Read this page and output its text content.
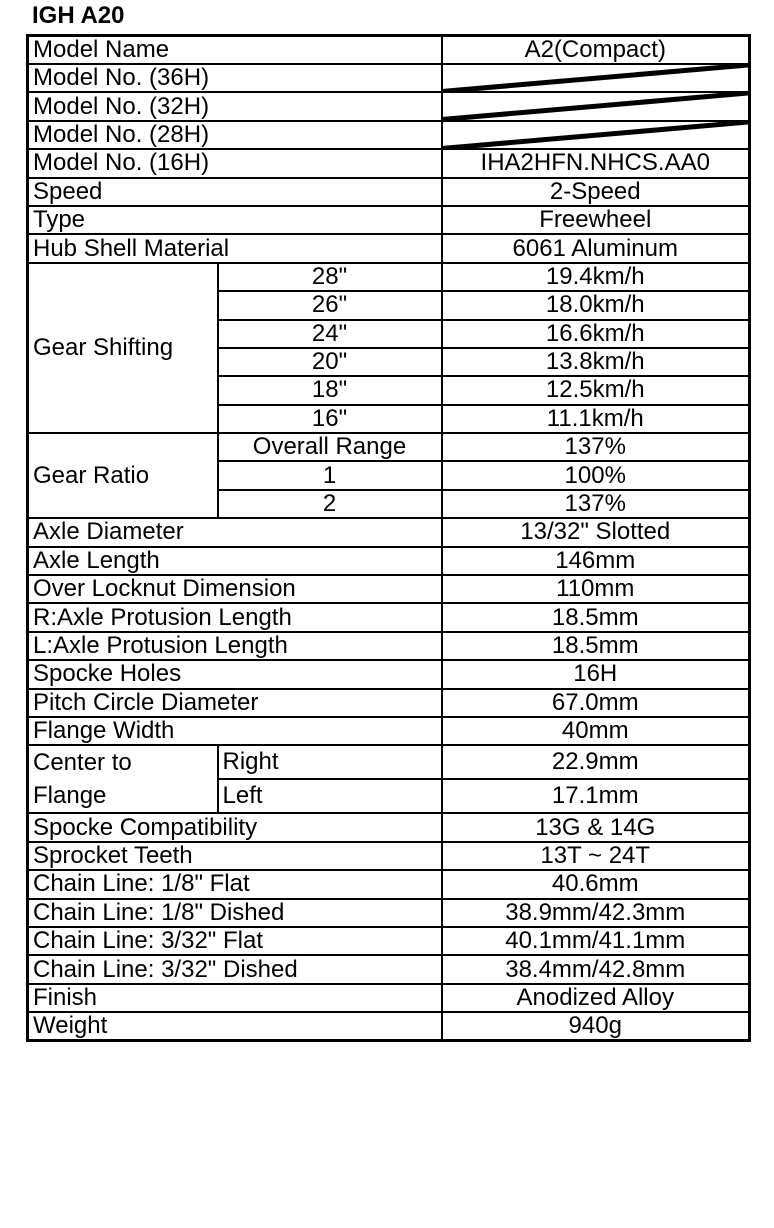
IGH A20
Model Name		A2(Compact)
Model No. (36H)	

Model No. (32H)	

Model No. (28H)	

Model No. (16H)		IHA2HFN.NHCS.AA0
Speed		2-Speed
Type		Freewheel
Hub Shell Material		6061 Aluminum
Gear Shifting	28"	19.4km/h
	26"	18.0km/h
	24"	16.6km/h
	20"	13.8km/h
	18"	12.5km/h
	16"	11.1km/h
Gear Ratio	Overall Range	137%
	1	100%
	2	137%
Axle Diameter		13/32" Slotted
Axle Length		146mm
Over Locknut Dimension		110mm
R:Axle Protusion Length		18.5mm
L:Axle Protusion Length		18.5mm
Spocke Holes		16H
Pitch Circle Diameter		67.0mm
Flange Width		40mm
Center to
Flange	Right	22.9mm
	Left	17.1mm
Spocke Compatibility		13G & 14G
Sprocket Teeth		13T ~ 24T
Chain Line: 1/8" Flat		40.6mm
Chain Line: 1/8" Dished		38.9mm/42.3mm
Chain Line: 3/32" Flat		40.1mm/41.1mm
Chain Line: 3/32" Dished		38.4mm/42.8mm
Finish		Anodized Alloy
Weight		940g
